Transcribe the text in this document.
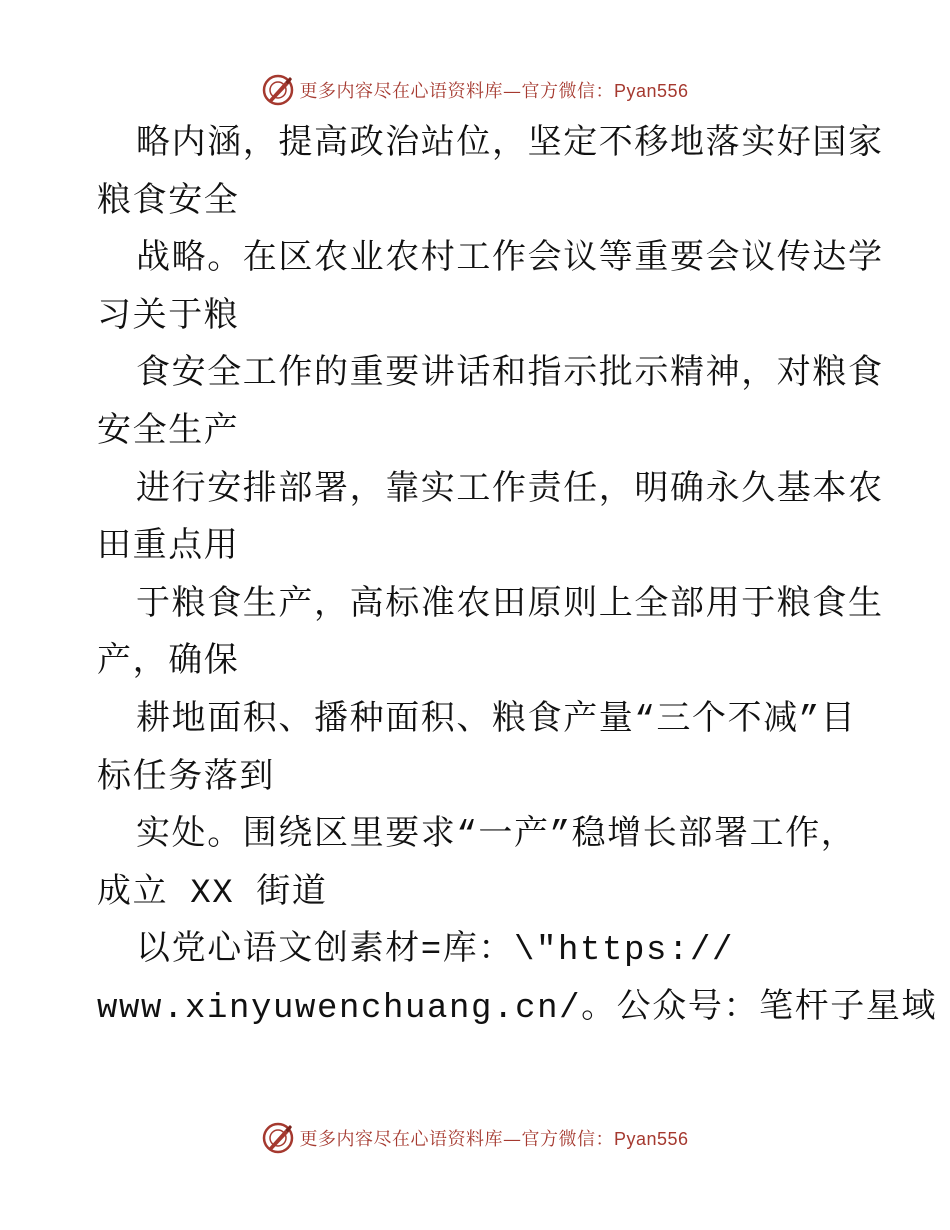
更多内容尽在心语资料库—官方微信：Pyan556
略内涵，提高政治站位，坚定不移地落实好国家
粮食安全
战略。在区农业农村工作会议等重要会议传达学
习关于粮
食安全工作的重要讲话和指示批示精神，对粮食
安全生产
进行安排部署，靠实工作责任，明确永久基本农
田重点用
于粮食生产，高标准农田原则上全部用于粮食生
产，确保
耕地面积、播种面积、粮食产量“三个不减”目
标任务落到
实处。围绕区里要求“一产”稳增长部署工作，
成立 XX 街道
以党心语文创素材=库：\"https://
www.xinyuwenchuang.cn/。公众号：笔杆子星域
更多内容尽在心语资料库—官方微信：Pyan556
